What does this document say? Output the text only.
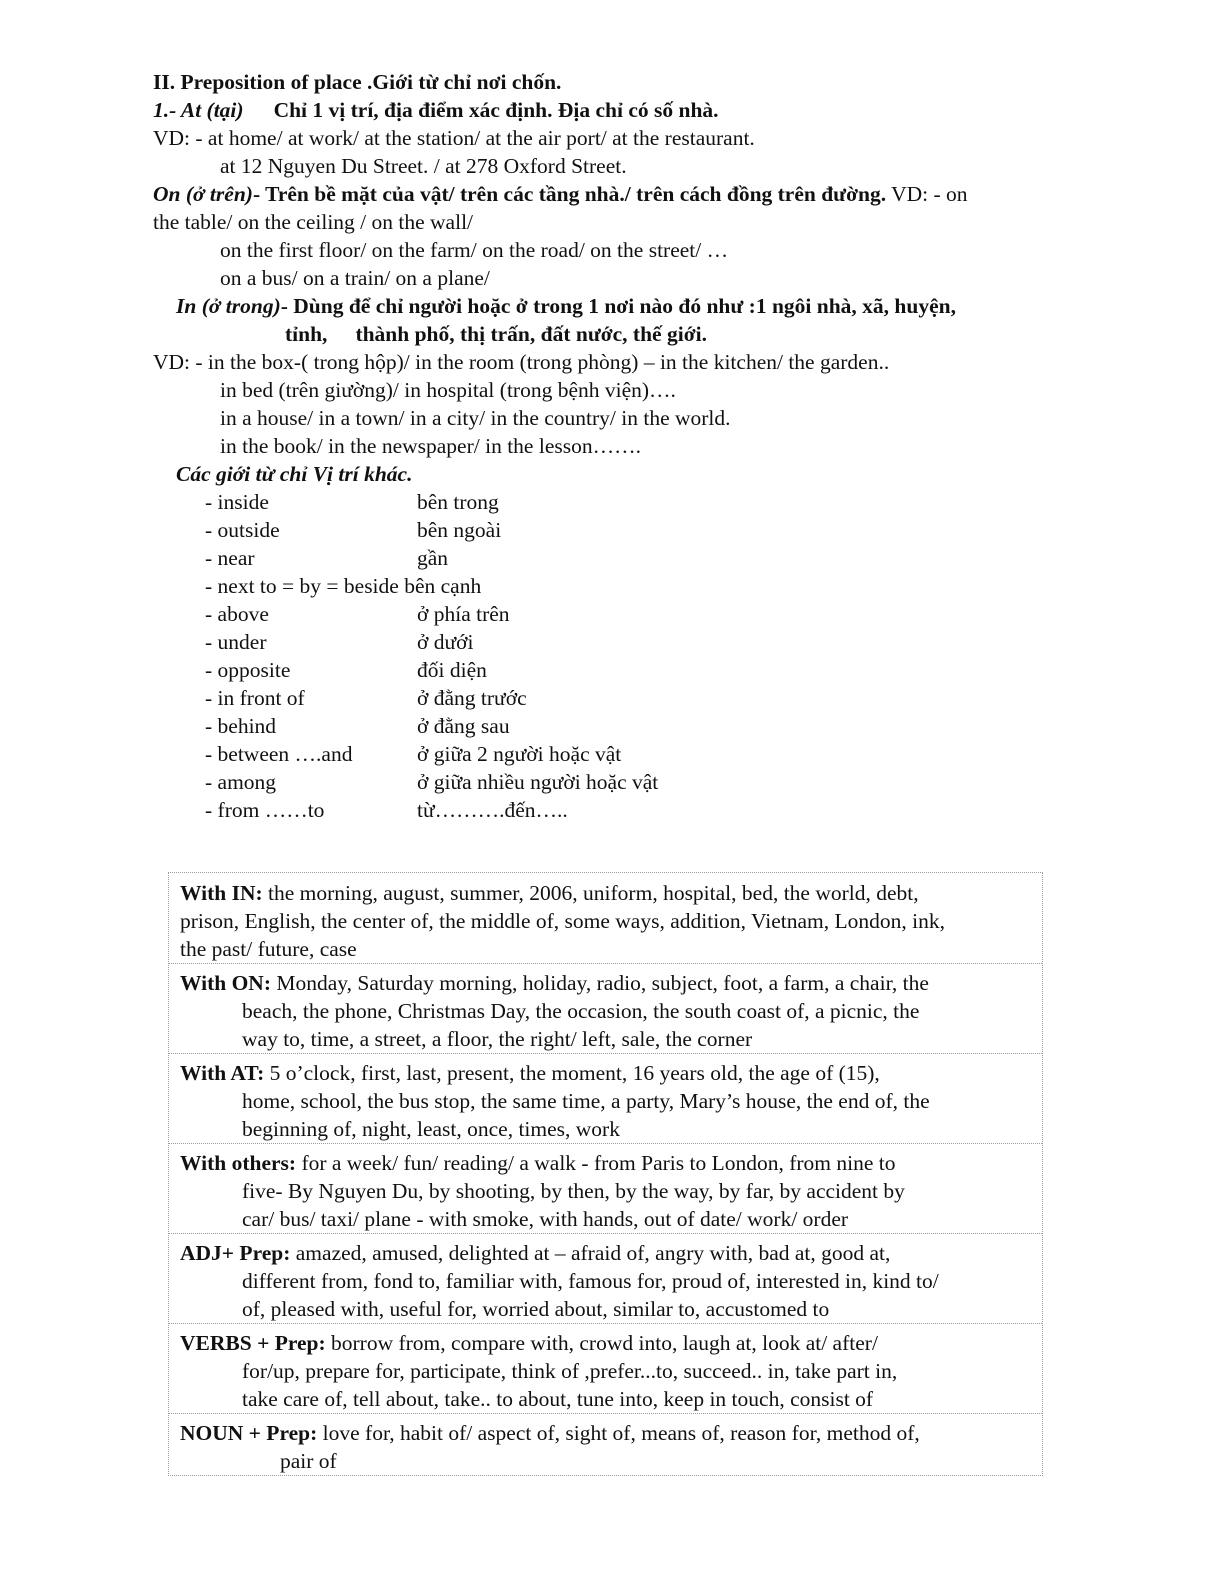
II. Preposition of place .Giới từ chỉ nơi chốn.
1.- At (tại) Chỉ 1 vị trí, địa điểm xác định. Địa chỉ có số nhà.
VD: - at home/ at work/ at the station/ at the air port/ at the restaurant.
at 12 Nguyen Du Street. / at 278 Oxford Street.
On (ở trên)- Trên bề mặt của vật/ trên các tầng nhà./ trên cách đồng trên đường. VD: - on
the table/ on the ceiling / on the wall/
on the first floor/ on the farm/ on the road/ on the street/ …
on a bus/ on a train/ on a plane/
In (ở trong)- Dùng để chỉ người hoặc ở trong 1 nơi nào đó như :1 ngôi nhà, xã, huyện,
tỉnh, thành phố, thị trấn, đất nước, thế giới.
VD: - in the box-( trong hộp)/ in the room (trong phòng) – in the kitchen/ the garden..
in bed (trên giường)/ in hospital (trong bệnh viện)….
in a house/ in a town/ in a city/ in the country/ in the world.
in the book/ in the newspaper/ in the lesson…….
Các giới từ chỉ Vị trí khác.
- inside	bên trong
- outside	bên ngoài
- near	gần
- next to = by = beside bên cạnh
- above	ở phía trên
- under	ở dưới
- opposite	đối diện
- in front of	ở đằng trước
- behind	ở đằng sau
- between ….and	ở giữa 2 người hoặc vật
- among	ở giữa nhiều người hoặc vật
- from ……to	từ……….đến…..
With IN: the morning, august, summer, 2006, uniform, hospital, bed, the world, debt,
prison, English, the center of, the middle of, some ways, addition, Vietnam, London, ink,
the past/ future, case
With ON: Monday, Saturday morning, holiday, radio, subject, foot, a farm, a chair, the
beach, the phone, Christmas Day, the occasion, the south coast of, a picnic, the
way to, time, a street, a floor, the right/ left, sale, the corner
With AT: 5 o’clock, first, last, present, the moment, 16 years old, the age of (15),
home, school, the bus stop, the same time, a party, Mary’s house, the end of, the
beginning of, night, least, once, times, work
With others: for a week/ fun/ reading/ a walk - from Paris to London, from nine to
five- By Nguyen Du, by shooting, by then, by the way, by far, by accident by
car/ bus/ taxi/ plane - with smoke, with hands, out of date/ work/ order
ADJ+ Prep: amazed, amused, delighted at – afraid of, angry with, bad at, good at,
different from, fond to, familiar with, famous for, proud of, interested in, kind to/
of, pleased with, useful for, worried about, similar to, accustomed to
VERBS + Prep: borrow from, compare with, crowd into, laugh at, look at/ after/
for/up, prepare for, participate, think of ,prefer...to, succeed.. in, take part in,
take care of, tell about, take.. to about, tune into, keep in touch, consist of
NOUN + Prep: love for, habit of/ aspect of, sight of, means of, reason for, method of,
pair of
